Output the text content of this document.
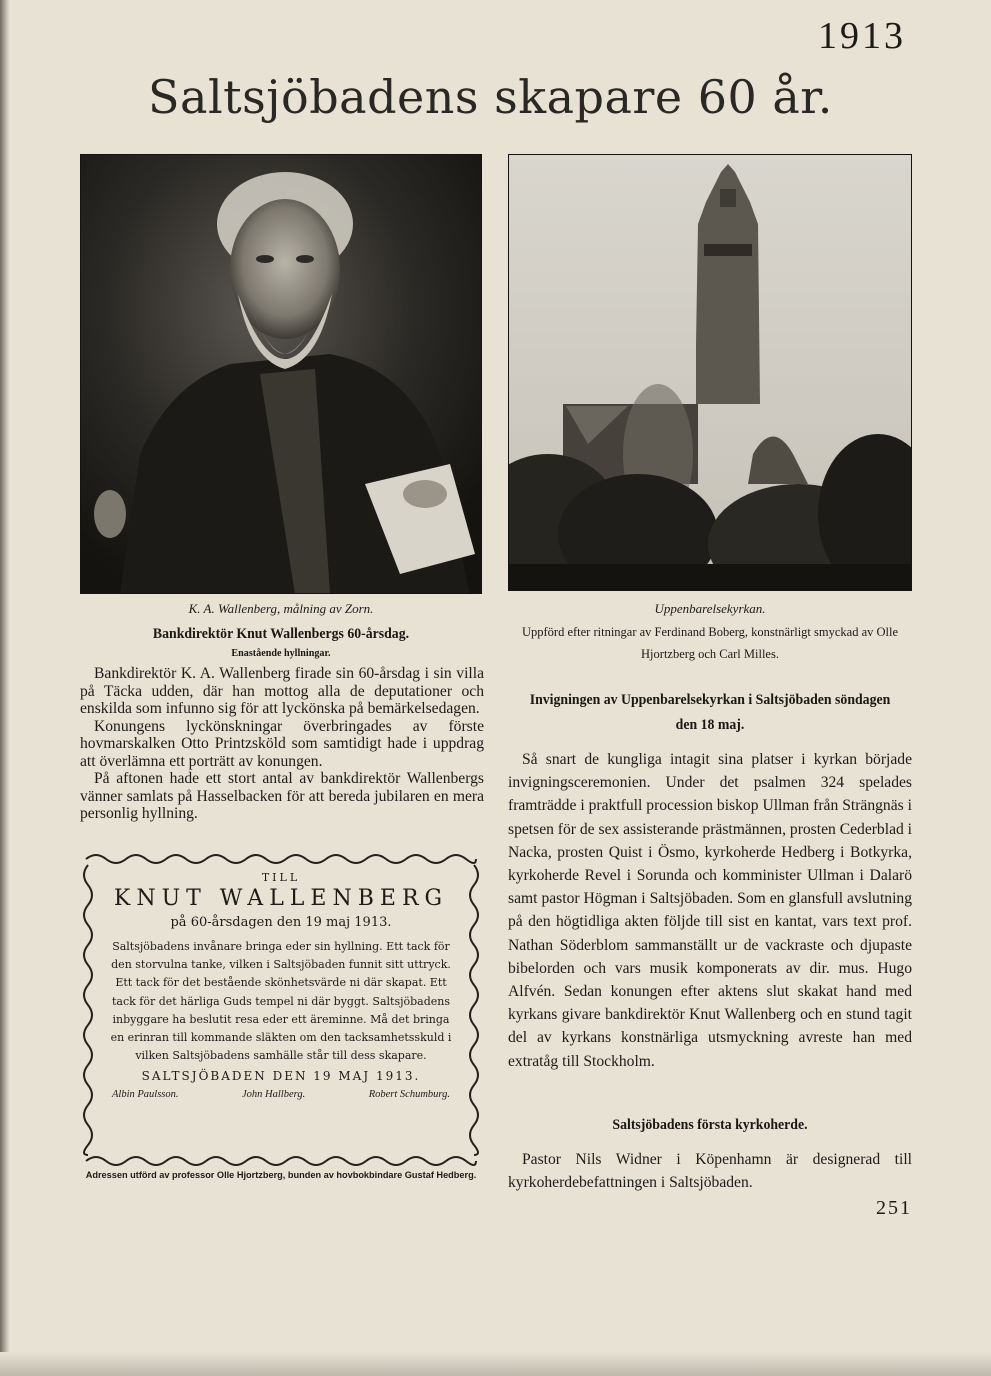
1913
Saltsjöbadens skapare 60 år.
K. A. Wallenberg, målning av Zorn.
Bankdirektör Knut Wallenbergs 60-årsdag.
Enastående hyllningar.

Bankdirektör K. A. Wallenberg firade sin 60-årsdag i sin villa på Täcka udden, där han mottog alla de deputationer och enskilda som infunno sig för att lyckönska på bemärkelsedagen.

Konungens lyckönskningar överbringades av förste hovmarskalken Otto Printzsköld som samtidigt hade i uppdrag att överlämna ett porträtt av konungen.

På aftonen hade ett stort antal av bankdirektör Wallenbergs vänner samlats på Hasselbacken för att bereda jubilaren en mera personlig hyllning.

TILL
KNUT WALLENBERG
på 60-årsdagen den 19 maj 1913.
Saltsjöbadens invånare bringa eder sin hyllning. Ett tack för den storvulna tanke, vilken i Saltsjöbaden funnit sitt uttryck. Ett tack för det bestående skönhetsvärde ni där skapat. Ett tack för det härliga Guds tempel ni där byggt. Saltsjöbadens inbyggare ha beslutit resa eder ett äreminne. Må det bringa en erinran till kommande släkten om den tacksamhetsskuld i vilken Saltsjöbadens samhälle står till dess skapare.
SALTSJÖBADEN DEN 19 MAJ 1913.
Albin Paulsson.	John Hallberg.	Robert Schumburg.
Adressen utförd av professor Olle Hjortzberg, bunden av hovbokbindare Gustaf Hedberg.
Uppenbarelsekyrkan.
Uppförd efter ritningar av Ferdinand Boberg, konstnärligt smyckad av Olle Hjortzberg och Carl Milles.
Invigningen av Uppenbarelsekyrkan i Saltsjöbaden söndagen den 18 maj.

Så snart de kungliga intagit sina platser i kyrkan började invigningsceremonien. Under det psalmen 324 spelades framträdde i praktfull procession biskop Ullman från Strängnäs i spetsen för de sex assisterande prästmännen, prosten Cederblad i Nacka, prosten Quist i Ösmo, kyrkoherde Hedberg i Botkyrka, kyrkoherde Revel i Sorunda och komminister Ullman i Dalarö samt pastor Högman i Saltsjöbaden. Som en glansfull avslutning på den högtidliga akten följde till sist en kantat, vars text prof. Nathan Söderblom sammanställt ur de vackraste och djupaste bibelorden och vars musik komponerats av dir. mus. Hugo Alfvén. Sedan konungen efter aktens slut skakat hand med kyrkans givare bankdirektör Knut Wallenberg och en stund tagit del av kyrkans konstnärliga utsmyckning avreste han med extratåg till Stockholm.

Saltsjöbadens första kyrkoherde.

Pastor Nils Widner i Köpenhamn är designerad till kyrkoherdebefattningen i Saltsjöbaden.

251
